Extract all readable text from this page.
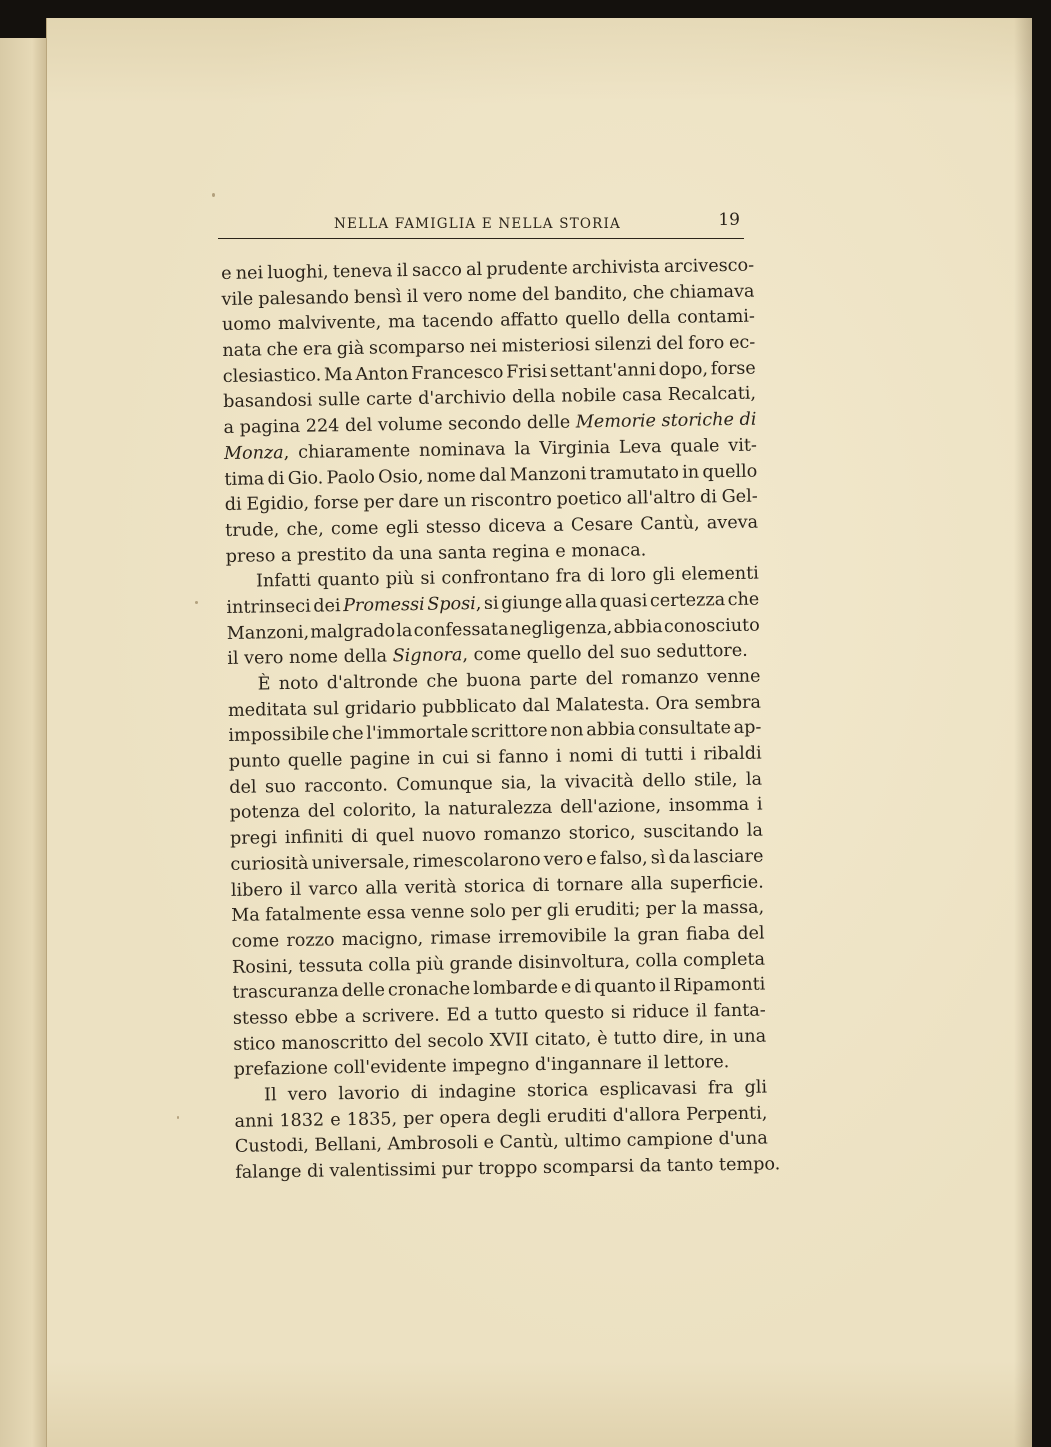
NELLA FAMIGLIA E NELLA STORIA	19
e nei luoghi, teneva il sacco al prudente archivista arcivesco-
vile palesando bensì il vero nome del bandito, che chiamava
uomo malvivente, ma tacendo affatto quello della contami-
nata che era già scomparso nei misteriosi silenzi del foro ec-
clesiastico. Ma Anton Francesco Frisi settant'anni dopo, forse
basandosi sulle carte d'archivio della nobile casa Recalcati,
a pagina 224 del volume secondo delle Memorie storiche di
Monza, chiaramente nominava la Virginia Leva quale vit-
tima di Gio. Paolo Osio, nome dal Manzoni tramutato in quello
di Egidio, forse per dare un riscontro poetico all'altro di Gel-
trude, che, come egli stesso diceva a Cesare Cantù, aveva
preso a prestito da una santa regina e monaca.
Infatti quanto più si confrontano fra di loro gli elementi
intrinseci dei Promessi Sposi, si giunge alla quasi certezza che
Manzoni, malgrado la confessata negligenza, abbia conosciuto
il vero nome della Signora , come quello del suo seduttore.
È noto d'altronde che buona parte del romanzo venne
meditata sul gridario pubblicato dal Malatesta. Ora sembra
impossibile che l'immortale scrittore non abbia consultate ap-
punto quelle pagine in cui si fanno i nomi di tutti i ribaldi
del suo racconto. Comunque sia, la vivacità dello stile, la
potenza del colorito, la naturalezza dell'azione, insomma i
pregi infiniti di quel nuovo romanzo storico, suscitando la
curiosità universale, rimescolarono vero e falso, sì da lasciare
libero il varco alla verità storica di tornare alla superficie.
Ma fatalmente essa venne solo per gli eruditi; per la massa,
come rozzo macigno, rimase irremovibile la gran fiaba del
Rosini, tessuta colla più grande disinvoltura, colla completa
trascuranza delle cronache lombarde e di quanto il Ripamonti
stesso ebbe a scrivere. Ed a tutto questo si riduce il fanta-
stico manoscritto del secolo XVII citato, è tutto dire, in una
prefazione coll'evidente impegno d'ingannare il lettore.
Il vero lavorio di indagine storica esplicavasi fra gli
anni 1832 e 1835, per opera degli eruditi d'allora Perpenti,
Custodi, Bellani, Ambrosoli e Cantù, ultimo campione d'una
falange di valentissimi pur troppo scomparsi da tanto tempo.
